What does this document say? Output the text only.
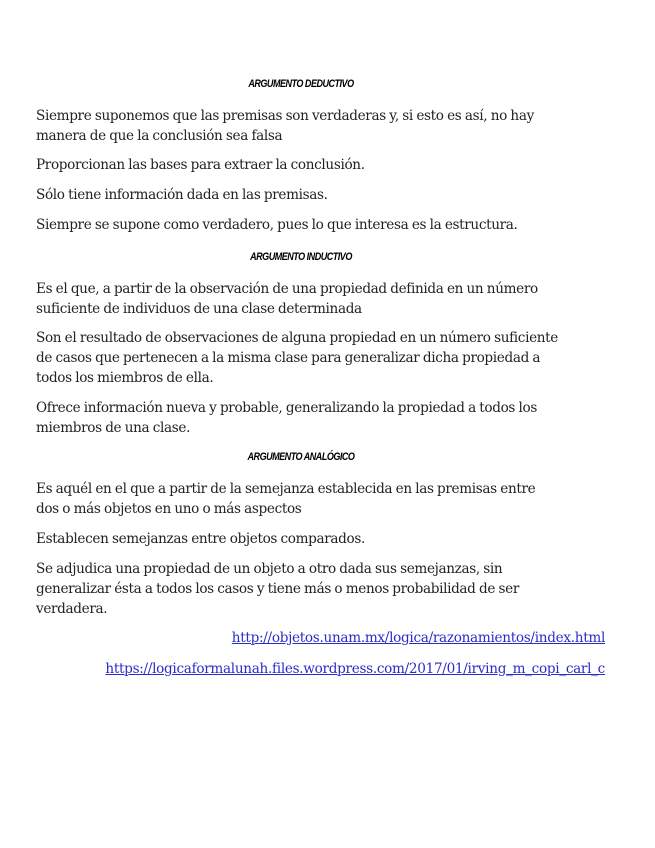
ARGUMENTO DEDUCTIVO

Siempre suponemos que las premisas son verdaderas y, si esto es así, no hay
manera de que la conclusión sea falsa

Proporcionan las bases para extraer la conclusión.

Sólo tiene información dada en las premisas.

Siempre se supone como verdadero, pues lo que interesa es la estructura.

ARGUMENTO INDUCTIVO

Es el que, a partir de la observación de una propiedad definida en un número
suficiente de individuos de una clase determinada

Son el resultado de observaciones de alguna propiedad en un número suficiente
de casos que pertenecen a la misma clase para generalizar dicha propiedad a
todos los miembros de ella.

Ofrece información nueva y probable, generalizando la propiedad a todos los
miembros de una clase.

ARGUMENTO ANALÓGICO

Es aquél en el que a partir de la semejanza establecida en las premisas entre
dos o más objetos en uno o más aspectos

Establecen semejanzas entre objetos comparados.

Se adjudica una propiedad de un objeto a otro dada sus semejanzas, sin
generalizar ésta a todos los casos y tiene más o menos probabilidad de ser
verdadera.

http://objetos.unam.mx/logica/razonamientos/index.html
https://logicaformalunah.files.wordpress.com/2017/01/irving_m_copi_carl_c
